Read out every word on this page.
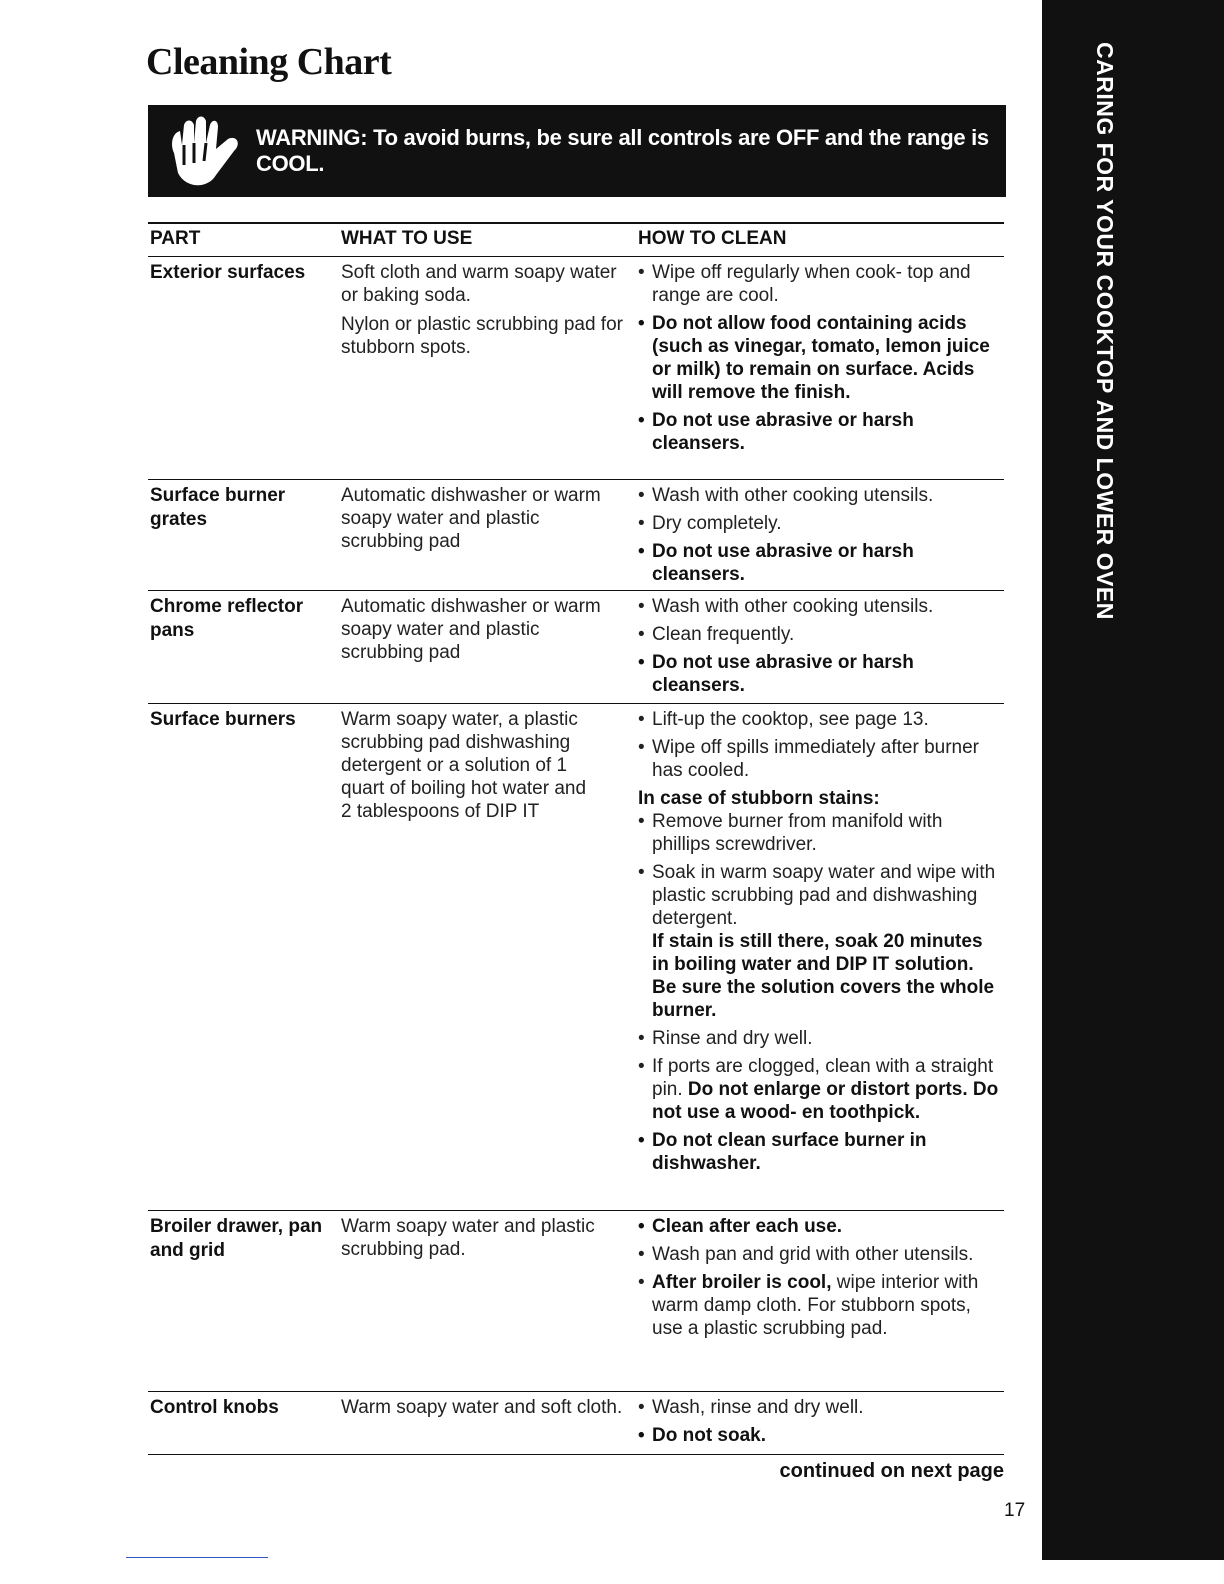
Cleaning Chart
WARNING: To avoid burns, be sure all controls are OFF and the range is COOL.	CARING FOR YOUR COOKTOP AND LOWER OVEN
PART	WHAT TO USE	HOW TO CLEAN
Exterior surfaces	Soft cloth and warm soapy water or baking soda.

Nylon or plastic scrubbing pad for stubborn spots.

• Wipe off regularly when cook- top and range are cool.
• Do not allow food containing acids (such as vinegar, tomato, lemon juice or milk) to remain on surface. Acids will remove the finish.
• Do not use abrasive or harsh cleansers.
Surface burner grates

Automatic dishwasher or warm soapy water and plastic scrubbing pad

• Wash with other cooking utensils.
• Dry completely.
• Do not use abrasive or harsh cleansers.
Chrome reflector pans

Automatic dishwasher or warm soapy water and plastic scrubbing pad

• Wash with other cooking utensils.
• Clean frequently.
• Do not use abrasive or harsh cleansers.
Surface burners	Warm soapy water, a plastic scrubbing pad dishwashing detergent or a solution of 1 quart of boiling hot water and 2 tablespoons of DIP IT

• Lift-up the cooktop, see page 13.
• Wipe off spills immediately after burner has cooled.
In case of stubborn stains:
• Remove burner from manifold with phillips screwdriver.
• Soak in warm soapy water and wipe with plastic scrubbing pad and dishwashing detergent.
If stain is still there, soak 20 minutes in boiling water and DIP IT solution. Be sure the solution covers the whole burner.
• Rinse and dry well.
• If ports are clogged, clean with a straight pin. Do not enlarge or distort ports. Do not use a wood- en toothpick.
• Do not clean surface burner in dishwasher.
Broiler drawer, pan and grid

Warm soapy water and plastic scrubbing pad.

• Clean after each use.
• Wash pan and grid with other utensils.
• After broiler is cool, wipe interior with warm damp cloth. For stubborn spots, use a plastic scrubbing pad.
Control knobs	Warm soapy water and soft cloth.

•	Wash, rinse and dry well.
• Do not soak.
continued on next page
17
